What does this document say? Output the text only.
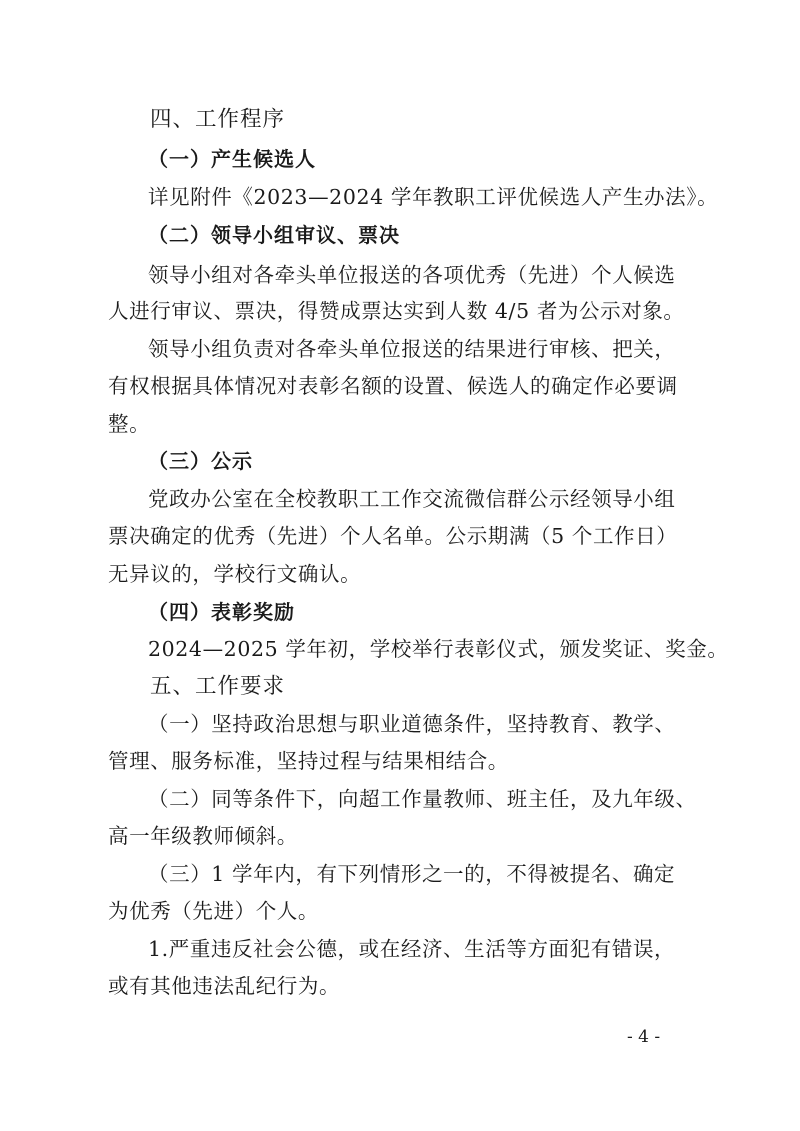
四、工作程序
（一）产生候选人
详见附件《2023—2024 学年教职工评优候选人产生办法》。
（二）领导小组审议、票决
领导小组对各牵头单位报送的各项优秀（先进）个人候选
人进行审议、票决，得赞成票达实到人数 4/5 者为公示对象。
领导小组负责对各牵头单位报送的结果进行审核、把关，
有权根据具体情况对表彰名额的设置、候选人的确定作必要调
整。
（三）公示
党政办公室在全校教职工工作交流微信群公示经领导小组
票决确定的优秀（先进）个人名单。公示期满（5 个工作日）
无异议的，学校行文确认。
（四）表彰奖励
2024—2025 学年初，学校举行表彰仪式，颁发奖证、奖金。
五、工作要求
（一）坚持政治思想与职业道德条件，坚持教育、教学、
管理、服务标准，坚持过程与结果相结合。
（二）同等条件下，向超工作量教师、班主任，及九年级、
高一年级教师倾斜。
（三）1 学年内，有下列情形之一的，不得被提名、确定
为优秀（先进）个人。
1.严重违反社会公德，或在经济、生活等方面犯有错误，
或有其他违法乱纪行为。
- 4 -
